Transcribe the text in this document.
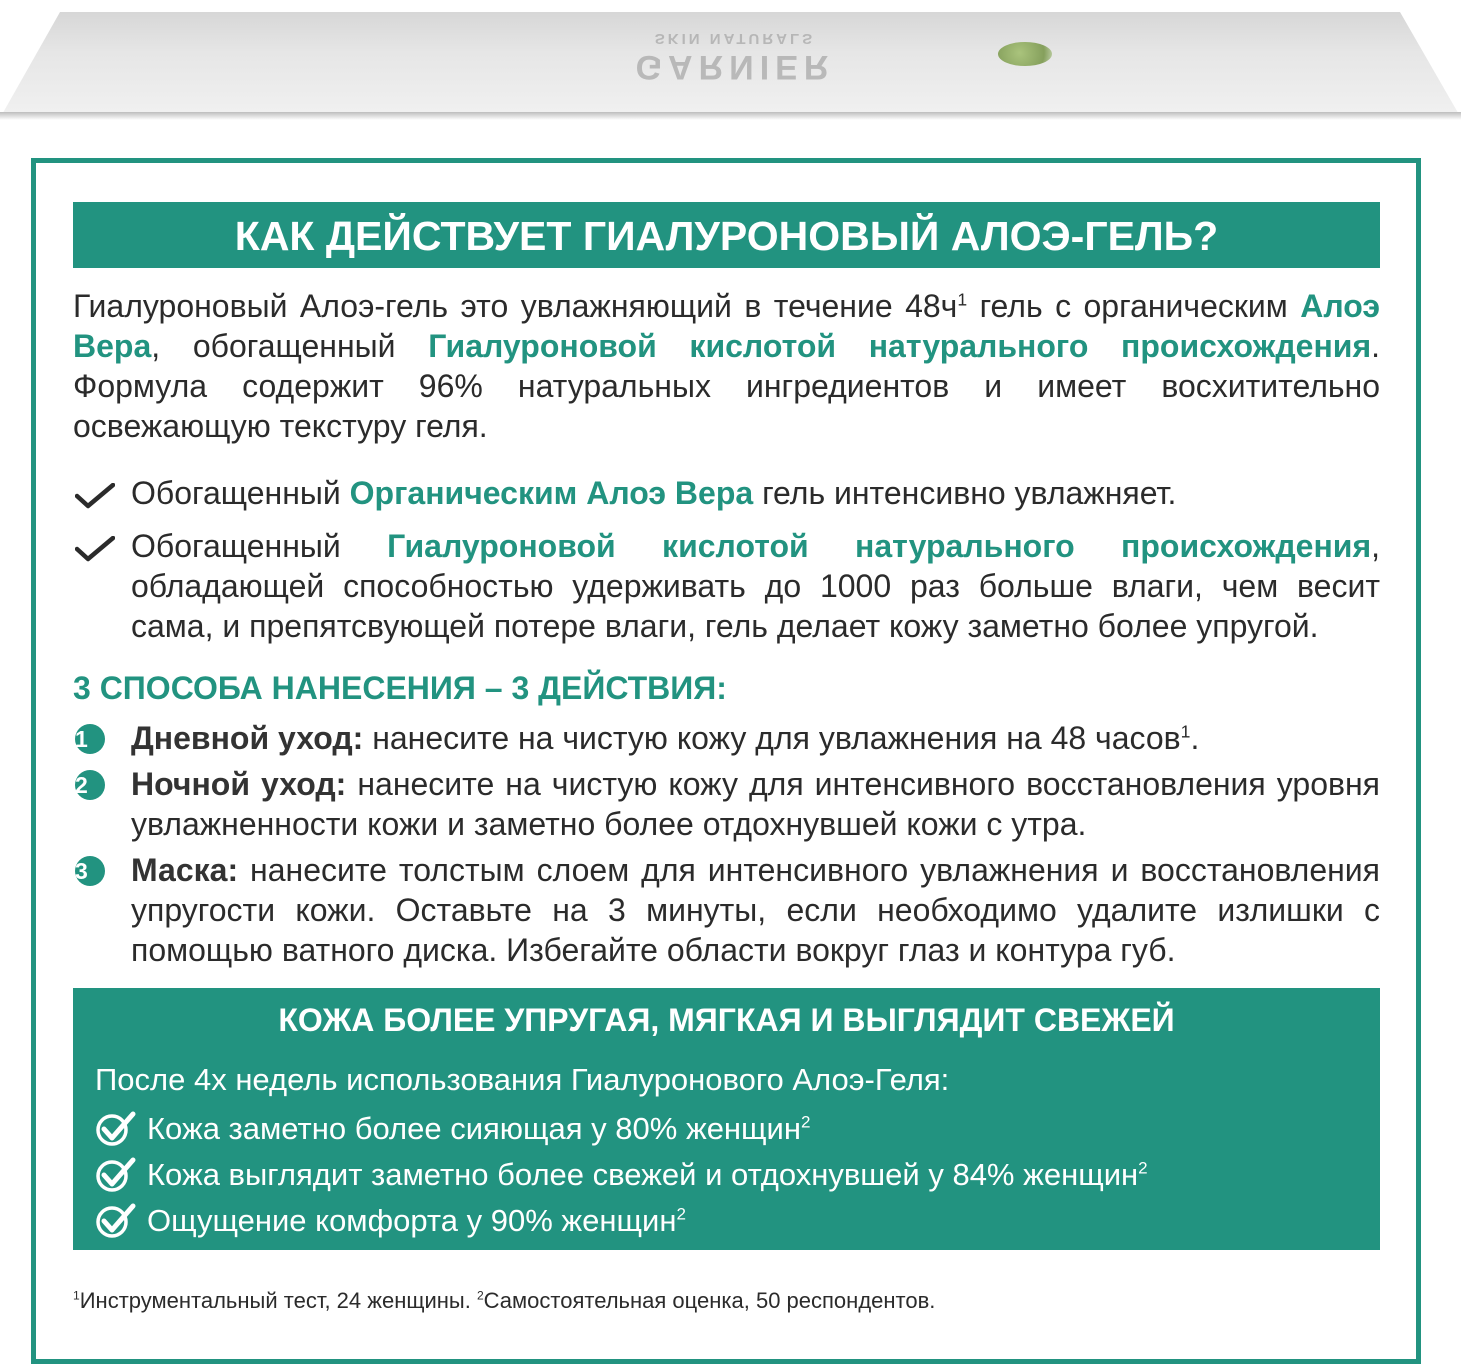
GARNIER
SKIN NATURALS
КАК ДЕЙСТВУЕТ ГИАЛУРОНОВЫЙ АЛОЭ-ГЕЛЬ?
Гиалуроновый Алоэ-гель это увлажняющий в течение $48ч^1$ гель с органическим Алоэ Вера, обогащенный Гиалуроновой кислотой натурального происхождения. Формула содержит 96% натуральных ингредиентов и имеет восхитительно освежающую текстуру геля.
Обогащенный Органическим Алоэ Вера гель интенсивно увлажняет.
Обогащенный Гиалуроновой кислотой натурального происхождения, обладающей способностью удерживать до 1000 раз больше влаги, чем весит сама, и препятсвующей потере влаги, гель делает кожу заметно более упругой.
3 СПОСОБА НАНЕСЕНИЯ – 3 ДЕЙСТВИЯ:
1	Дневной уход: нанесите на чистую кожу для увлажнения на 48 часов$^1$.
2	Ночной уход: нанесите на чистую кожу для интенсивного восстановления уровня увлажненности кожи и заметно более отдохнувшей кожи с утра.
3	Маска: нанесите толстым слоем для интенсивного увлажнения и восстановления упругости кожи. Оставьте на 3 минуты, если необходимо удалите излишки с помощью ватного диска. Избегайте области вокруг глаз и контура губ.
КОЖА БОЛЕЕ УПРУГАЯ, МЯГКАЯ И ВЫГЛЯДИТ СВЕЖЕЙ
После 4х недель использования Гиалуронового Алоэ-Геля:
Кожа заметно более сияющая у 80% женщин$^2$
Кожа выглядит заметно более свежей и отдохнувшей у 84% женщин$^2$
Ощущение комфорта у 90% женщин$^2$
$^1$Инструментальный тест, 24 женщины. $^2$Самостоятельная оценка, 50 респондентов.
